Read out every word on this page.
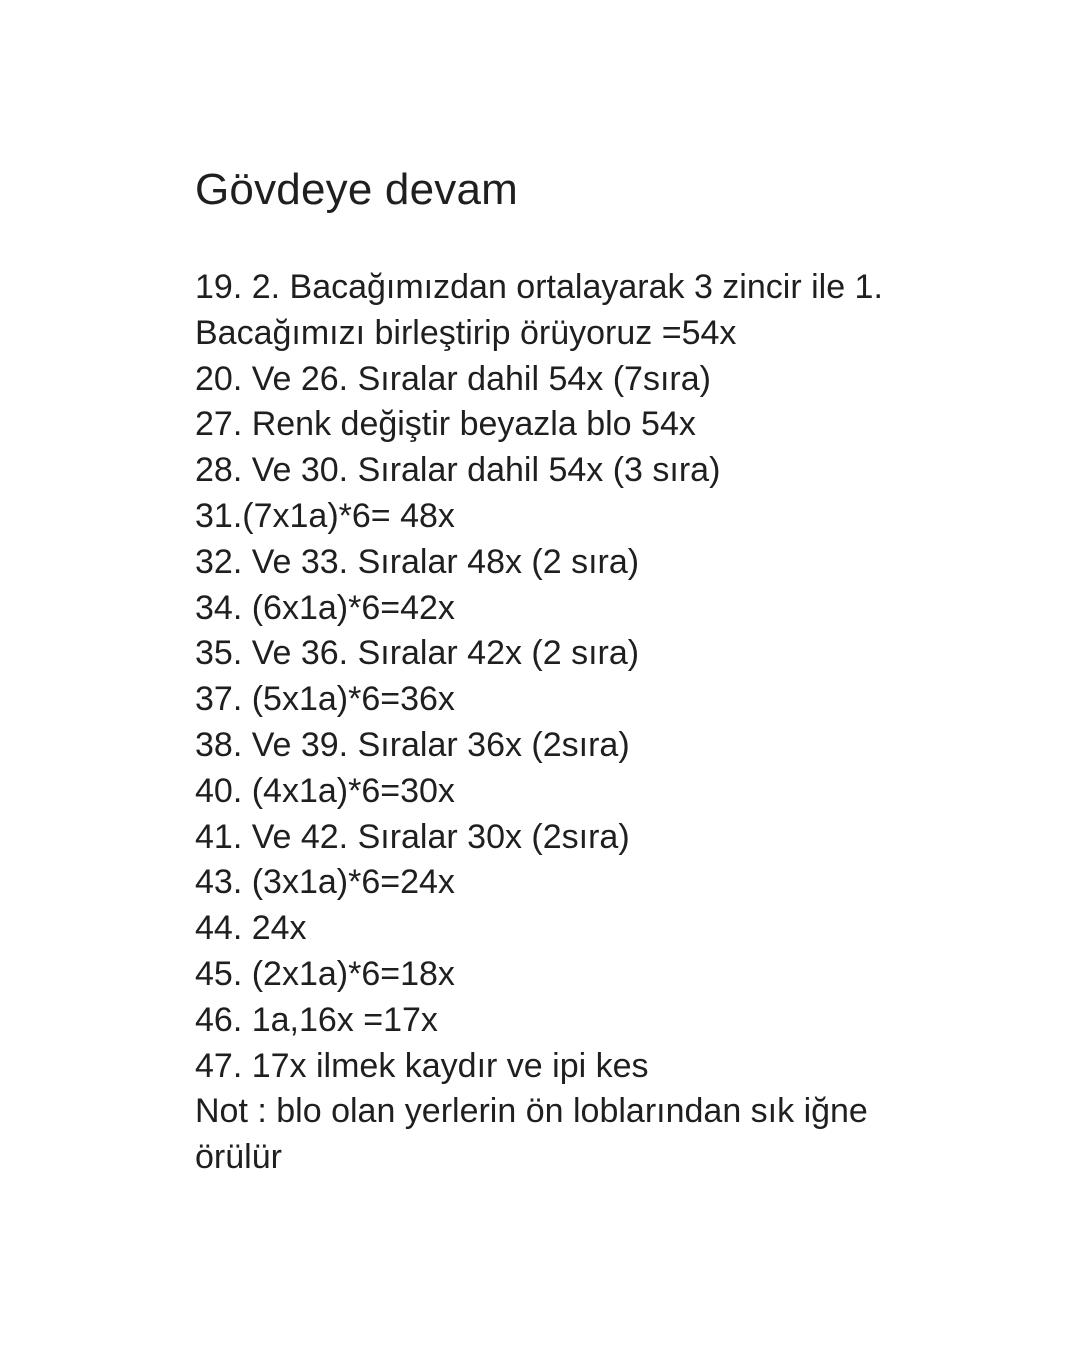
Gövdeye devam
19. 2. Bacağımızdan ortalayarak 3 zincir ile 1.
Bacağımızı birleştirip örüyoruz =54x
20. Ve 26. Sıralar dahil 54x (7sıra)
27. Renk değiştir beyazla blo 54x
28. Ve 30. Sıralar dahil 54x (3 sıra)
31.(7x1a)*6= 48x
32. Ve 33. Sıralar 48x (2 sıra)
34. (6x1a)*6=42x
35. Ve 36. Sıralar 42x (2 sıra)
37. (5x1a)*6=36x
38. Ve 39. Sıralar 36x (2sıra)
40. (4x1a)*6=30x
41. Ve 42. Sıralar 30x (2sıra)
43. (3x1a)*6=24x
44. 24x
45. (2x1a)*6=18x
46. 1a,16x =17x
47. 17x ilmek kaydır ve ipi kes
Not : blo olan yerlerin ön loblarından sık iğne
örülür
